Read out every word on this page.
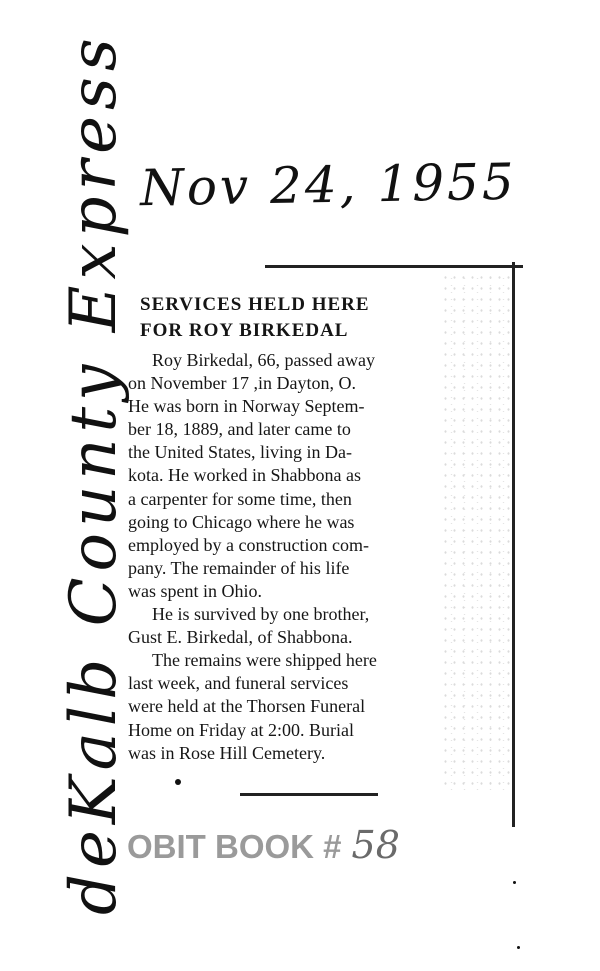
deKalb County Express Nov 24, 1955
SERVICES HELD HERE
FOR ROY BIRKEDAL

Roy Birkedal, 66, passed away
on November 17 ,in Dayton, O.
He was born in Norway Septem-
ber 18, 1889, and later came to
the United States, living in Da-
kota. He worked in Shabbona as
a carpenter for some time, then
going to Chicago where he was
employed by a construction com-
pany. The remainder of his life
was spent in Ohio.

He is survived by one brother,
Gust E. Birkedal, of Shabbona.

The remains were shipped here
last week, and funeral services
were held at the Thorsen Funeral
Home on Friday at 2:00. Burial
was in Rose Hill Cemetery.

OBIT BOOK # 58
